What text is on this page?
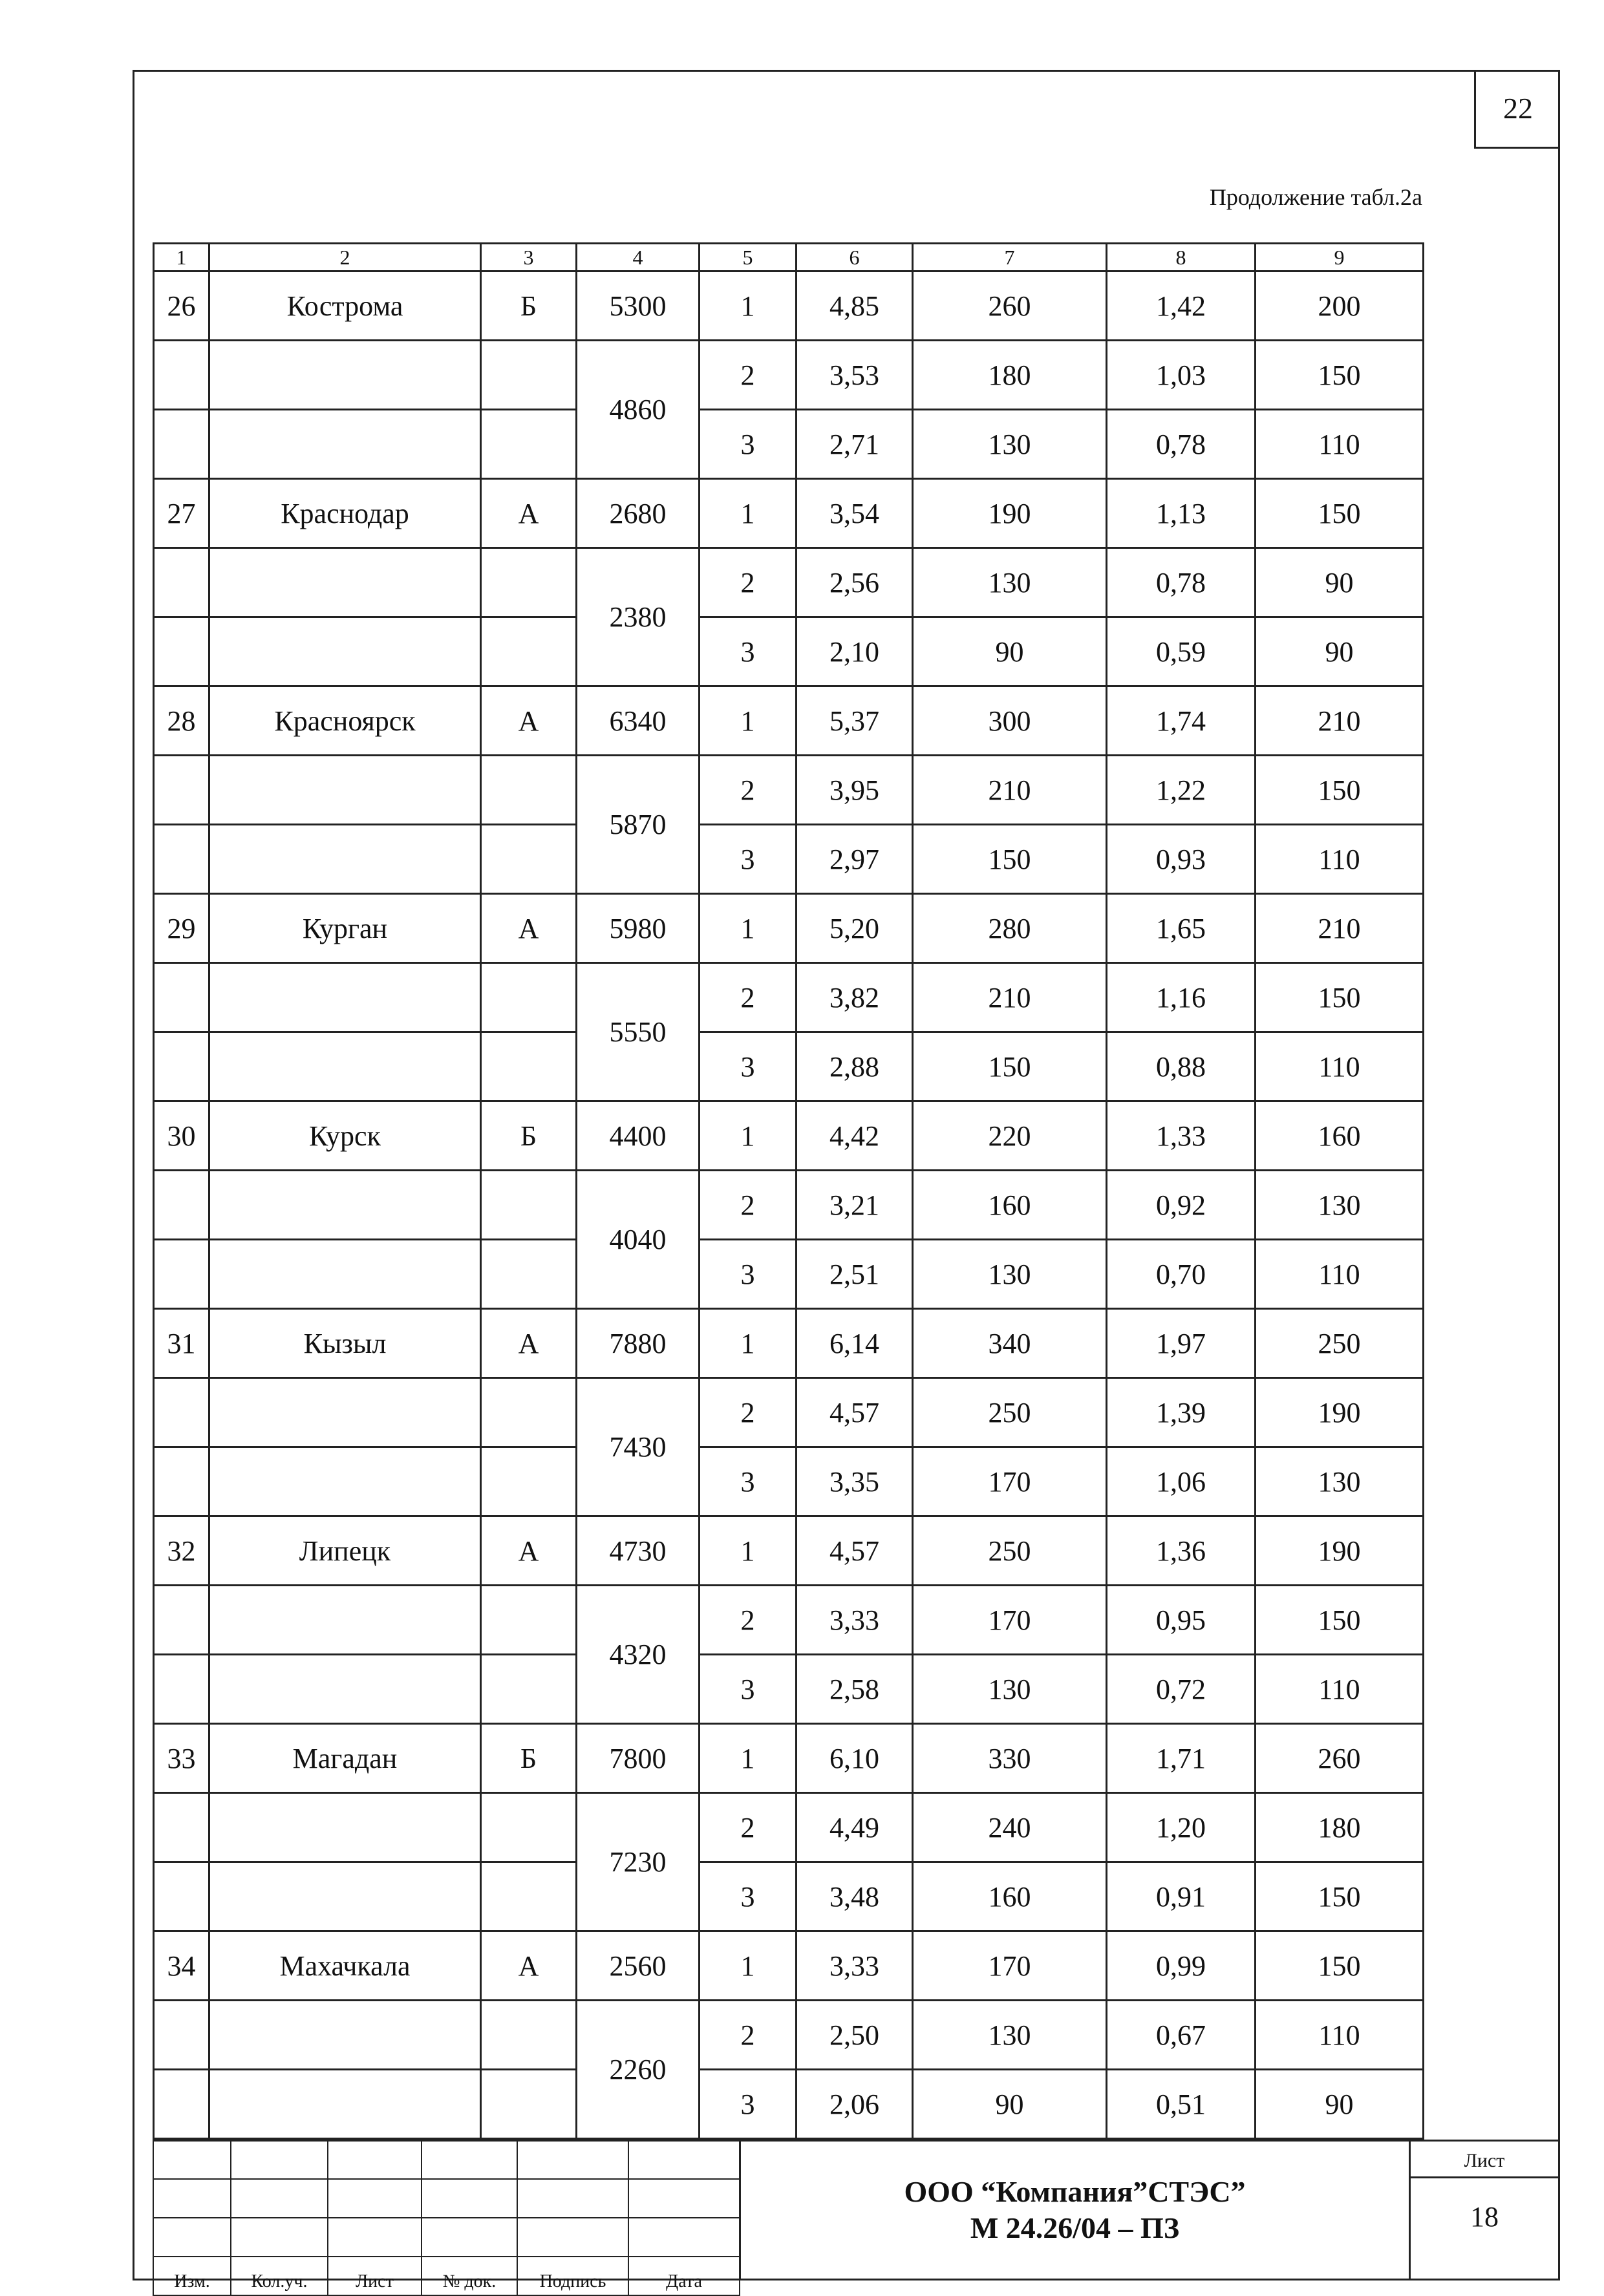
22
Продолжение табл.2а
1	2	3	4	5	6	7	8	9
26	Кострома	Б	5300	1	4,85	260	1,42	200
			4860	2	3,53	180	1,03	150
				3	2,71	130	0,78	110
27	Краснодар	А	2680	1	3,54	190	1,13	150
			2380	2	2,56	130	0,78	90
				3	2,10	90	0,59	90
28	Красноярск	А	6340	1	5,37	300	1,74	210
			5870	2	3,95	210	1,22	150
				3	2,97	150	0,93	110
29	Курган	А	5980	1	5,20	280	1,65	210
			5550	2	3,82	210	1,16	150
				3	2,88	150	0,88	110
30	Курск	Б	4400	1	4,42	220	1,33	160
			4040	2	3,21	160	0,92	130
				3	2,51	130	0,70	110
31	Кызыл	А	7880	1	6,14	340	1,97	250
			7430	2	4,57	250	1,39	190
				3	3,35	170	1,06	130
32	Липецк	А	4730	1	4,57	250	1,36	190
			4320	2	3,33	170	0,95	150
				3	2,58	130	0,72	110
33	Магадан	Б	7800	1	6,10	330	1,71	260
			7230	2	4,49	240	1,20	180
				3	3,48	160	0,91	150
34	Махачкала	А	2560	1	3,33	170	0,99	150
			2260	2	2,50	130	0,67	110
				3	2,06	90	0,51	90

Изм.	Кол.уч.	Лист	№ док.	Подпись	Дата
ООО “Компания”СТЭС”
М 24.26/04 – ПЗ
Лист
18
